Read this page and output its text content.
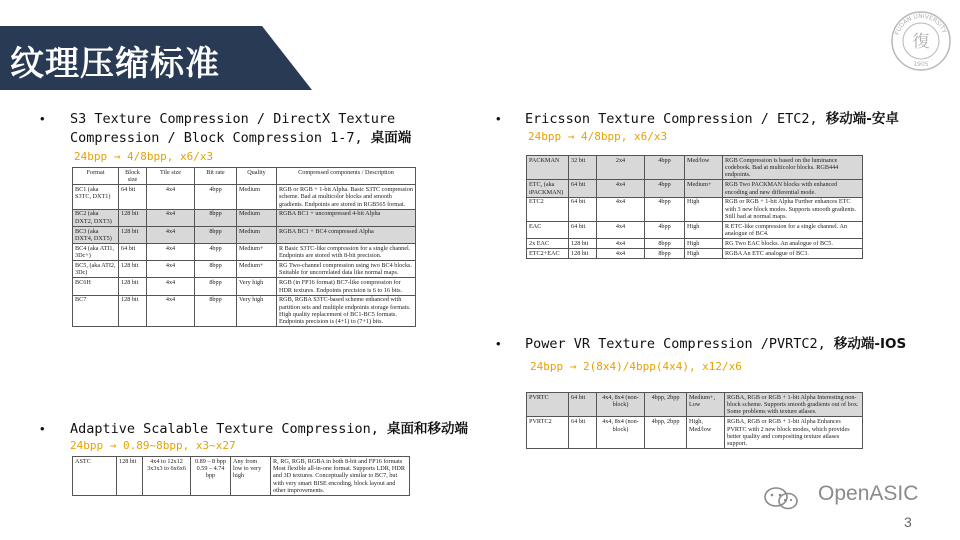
纹理压缩标准
復
FUDAN UNIVERSITY
1905
• S3 Texture Compression / DirectX Texture
Compression / Block Compression 1-7, 桌面端
24bpp → 4/8bpp, x6/x3
Format	Block size	Tile size	Bit rate	Quality	Compressed components / Description
BC1 (aka S3TC, DXT1)	64 bit	4x4	4bpp	Medium	RGB or RGB + 1-bit Alpha. Basic S3TC compression scheme. Bad at multicolor blocks and smooth gradients. Endpoints are stored in RGB565 format.
BC2 (aka DXT2, DXT3)	128 bit	4x4	8bpp	Medium	RGBA BC1 + uncompressed 4-bit Alpha
BC3 (aka DXT4, DXT5)	128 bit	4x4	8bpp	Medium	RGBA BC1 + BC4 compressed Alpha
BC4 (aka ATI1, 3Dc+)	64 bit	4x4	4bpp	Medium+	R Basic S3TC-like compression for a single channel. Endpoints are stored with 8-bit precision.
BC5, (aka ATI2, 3Dc)	128 bit	4x4	8bpp	Medium+	RG Two-channel compression using two BC4 blocks. Suitable for uncorrelated data like normal maps.
BC6H	128 bit	4x4	8bpp	Very high	RGB (in FP16 format) BC7-like compression for HDR textures. Endpoints precision is 6 to 16 bits.
BC7	128 bit	4x4	8bpp	Very high	RGB, RGBA S3TC-based scheme enhanced with partition sets and multiple endpoints storage formats. High quality replacement of BC1-BC5 formats. Endpoints precision is (4+1) to (7+1) bits.
• Adaptive Scalable Texture Compression, 桌面和移动端
24bpp → 0.89~8bpp, x3~x27
ASTC	128 bit	4x4 to 12x12 3x3x3 to 6x6x6	0.89 – 8 bpp 0.59 – 4.74 bpp	Any from low to very high	R, RG, RGB, RGBA in both 8-bit and FP16 formats Most flexible all-in-one format. Supports LDR, HDR and 3D textures. Conceptually similar to BC7, but with very smart BISE encoding, block layout and other improvements.
• Ericsson Texture Compression / ETC2, 移动端-安卓
24bpp → 4/8bpp, x6/x3
PACKMAN	32 bit	2x4	4bpp	Med/low	RGB Compression is based on the luminance codebook. Bad at multicolor blocks. RGB444 endpoints.
ETC, (aka iPACKMAN)	64 bit	4x4	4bpp	Medium+	RGB Two PACKMAN blocks with enhanced encoding and new differential mode.
ETC2	64 bit	4x4	4bpp	High	RGB or RGB + 1-bit Alpha Further enhances ETC with 3 new block modes. Supports smooth gradients. Still bad at normal maps.
EAC	64 bit	4x4	4bpp	High	R ETC-like compression for a single channel. An analogue of BC4.
2x EAC	128 bit	4x4	8bpp	High	RG Two EAC blocks. An analogue of BC5.
ETC2+EAC	128 bit	4x4	8bpp	High	RGBA An ETC analogue of BC3.
• Power VR Texture Compression /PVRTC2, 移动端-IOS
24bpp → 2(8x4)/4bpp(4x4), x12/x6
PVRTC	64 bit	4x4, 8x4 (non-block)	4bpp, 2bpp	Medium+, Low	RGBA, RGB or RGB + 1-bit Alpha Interesting non-block scheme. Supports smooth gradients out of box. Some problems with texture atlases.
PVRTC2	64 bit	4x4, 8x4 (non-block)	4bpp, 2bpp	High, Med/low	RGBA, RGB or RGB + 1-bit Alpha Enhances PVRTC with 2 new block modes, which provides better quality and compositing texture atlases support.
OpenASIC
3
